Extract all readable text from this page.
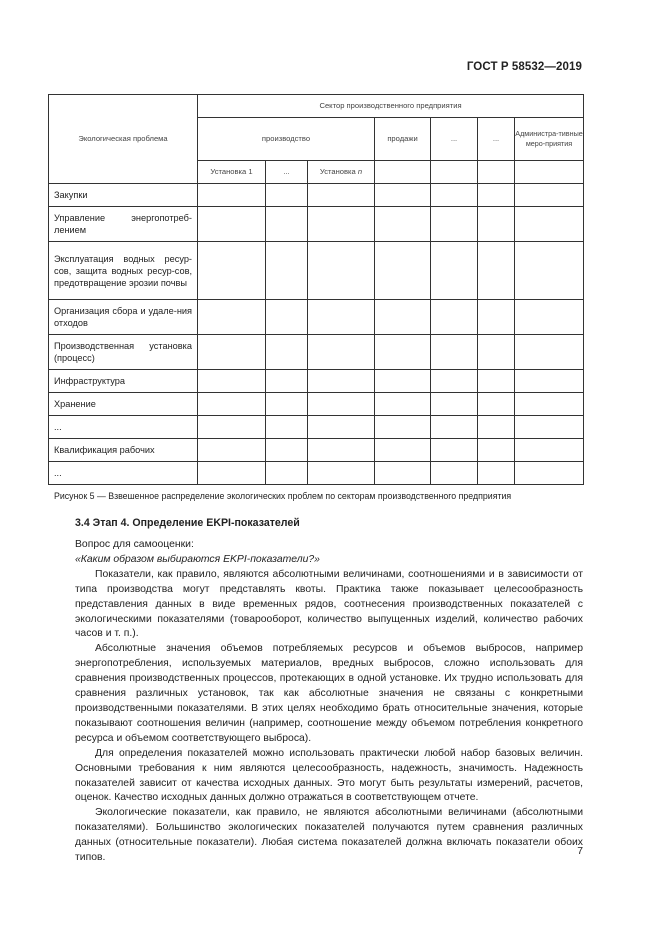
ГОСТ Р 58532—2019
Экологическая проблема	Сектор производственного предприятия						
	производство			продажи	...	...	Администра-тивные меро-приятия
	Установка 1	...	Установка n				
Закупки							
Управление энергопотреб-лением							
Эксплуатация водных ресур-сов, защита водных ресур-сов, предотвращение эрозии почвы							
Организация сбора и удале-ния отходов							
Производственная установка (процесс)							
Инфраструктура							
Хранение							
...							
Квалификация рабочих							
...							
Рисунок 5 — Взвешенное распределение экологических проблем по секторам производственного предприятия
3.4 Этап 4. Определение EKPI-показателей

Вопрос для самооценки:

«Каким образом выбираются EKPI-показатели?»

Показатели, как правило, являются абсолютными величинами, соотношениями и в зависимости от типа производства могут представлять квоты. Практика также показывает целесообразность представления данных в виде временных рядов, соотнесения производственных показателей с экологическими показателями (товарооборот, количество выпущенных изделий, количество рабочих часов и т. п.).

Абсолютные значения объемов потребляемых ресурсов и объемов выбросов, например энергопотребления, используемых материалов, вредных выбросов, сложно использовать для сравнения производственных процессов, протекающих в одной установке. Их трудно использовать для сравнения различных установок, так как абсолютные значения не связаны с конкретными производственными показателями. В этих целях необходимо брать относительные значения, которые показывают соотношения величин (например, соотношение между объемом потребления конкретного ресурса и объемом соответствующего выброса).

Для определения показателей можно использовать практически любой набор базовых величин. Основными требования к ним являются целесообразность, надежность, значимость. Надежность показателей зависит от качества исходных данных. Это могут быть результаты измерений, расчетов, оценок. Качество исходных данных должно отражаться в соответствующем отчете.

Экологические показатели, как правило, не являются абсолютными величинами (абсолютными показателями). Большинство экологических показателей получаются путем сравнения различных данных (относительные показатели). Любая система показателей должна включать показатели обоих типов.

7
